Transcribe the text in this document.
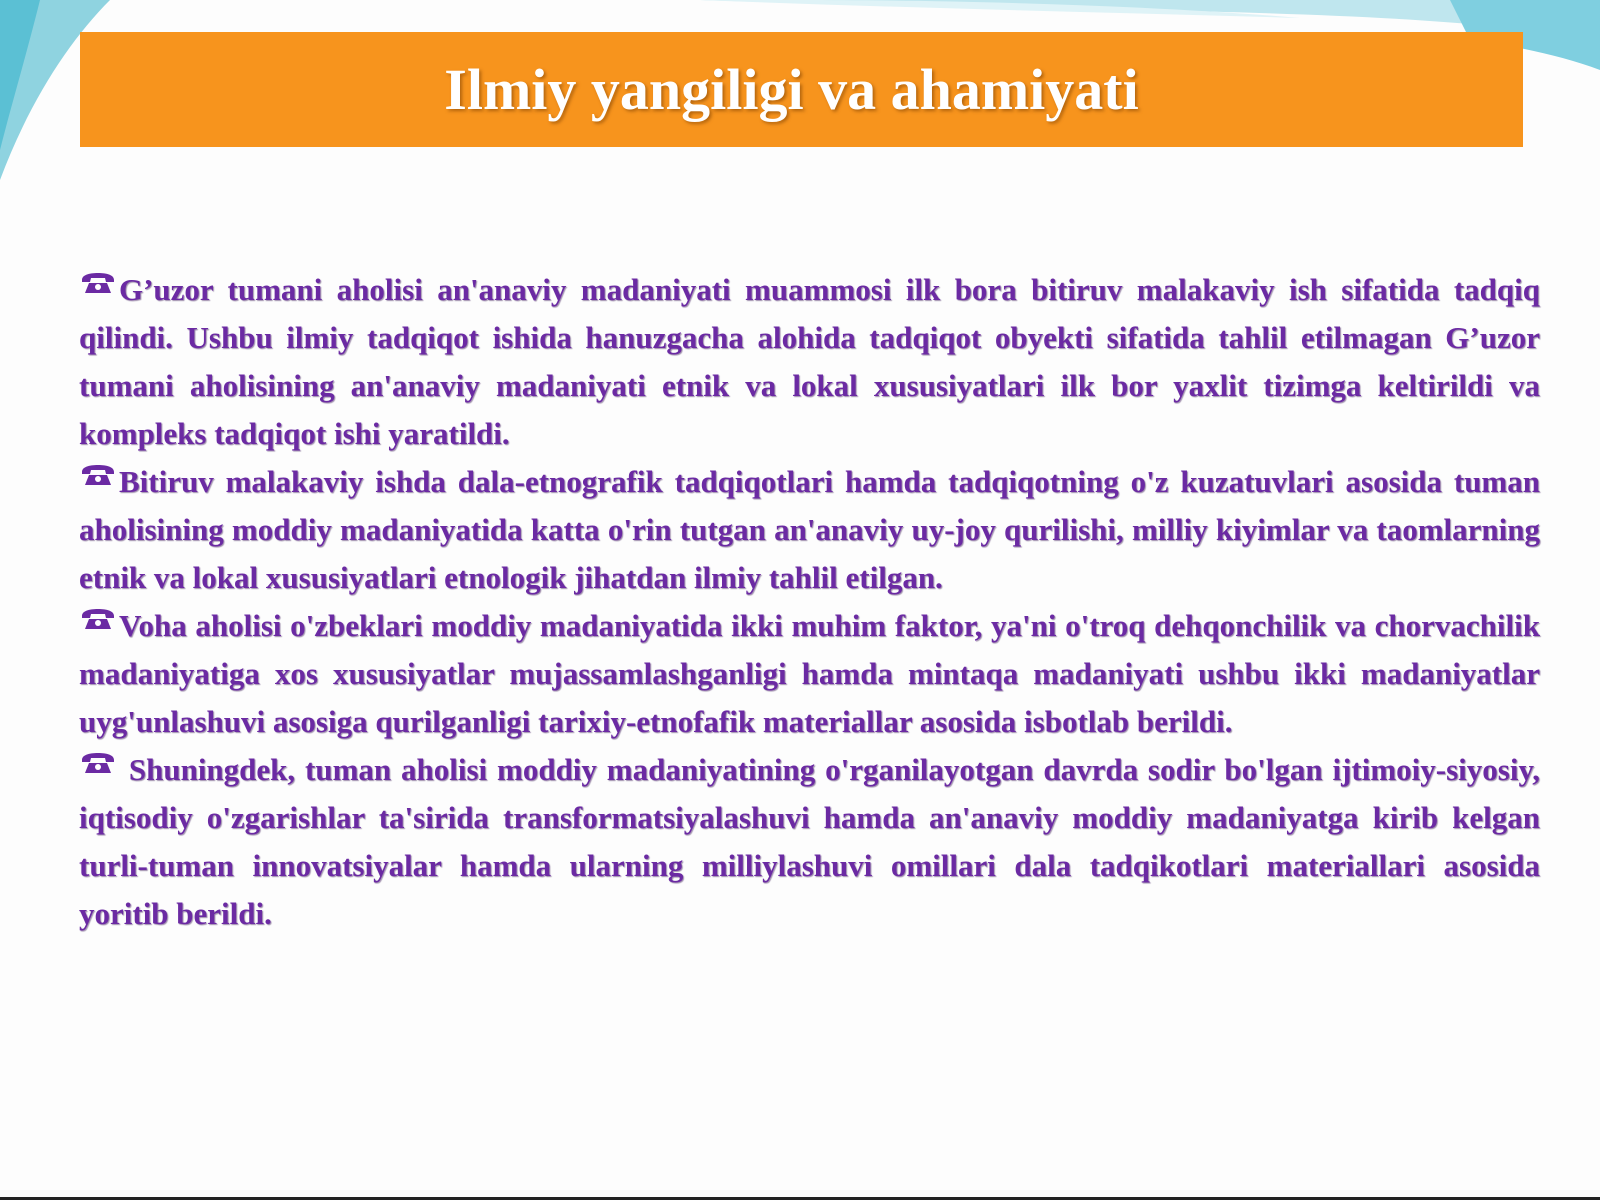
Ilmiy yangiligi va ahamiyati

G’uzor tumani aholisi an'anaviy madaniyati muammosi ilk bora bitiruv malakaviy ish sifatida tadqiq qilindi. Ushbu ilmiy tadqiqot ishida hanuzgacha alohida tadqiqot obyekti sifatida tahlil etilmagan G’uzor tumani aholisining an'anaviy madaniyati etnik va lokal xususiyatlari ilk bor yaxlit tizimga keltirildi va kompleks tadqiqot ishi yaratildi.

Bitiruv malakaviy ishda dala-etnografik tadqiqotlari hamda tadqiqotning o'z kuzatuvlari asosida tuman aholisining moddiy madaniyatida katta o'rin tutgan an'anaviy uy-joy qurilishi, milliy kiyimlar va taomlarning etnik va lokal xususiyatlari etnologik jihatdan ilmiy tahlil etilgan.

Voha aholisi o'zbeklari moddiy madaniyatida ikki muhim faktor, ya'ni o'troq dehqonchilik va chorvachilik madaniyatiga xos xususiyatlar mujassamlashganligi hamda mintaqa madaniyati ushbu ikki madaniyatlar uyg'unlashuvi asosiga qurilganligi tarixiy-etnofafik materiallar asosida isbotlab berildi.

Shuningdek, tuman aholisi moddiy madaniyatining o'rganilayotgan davrda sodir bo'lgan ijtimoiy-siyosiy, iqtisodiy o'zgarishlar ta'sirida transformatsiyalashuvi hamda an'anaviy moddiy madaniyatga kirib kelgan turli-tuman innovatsiyalar hamda ularning milliylashuvi omillari dala tadqikotlari materiallari asosida yoritib berildi.
